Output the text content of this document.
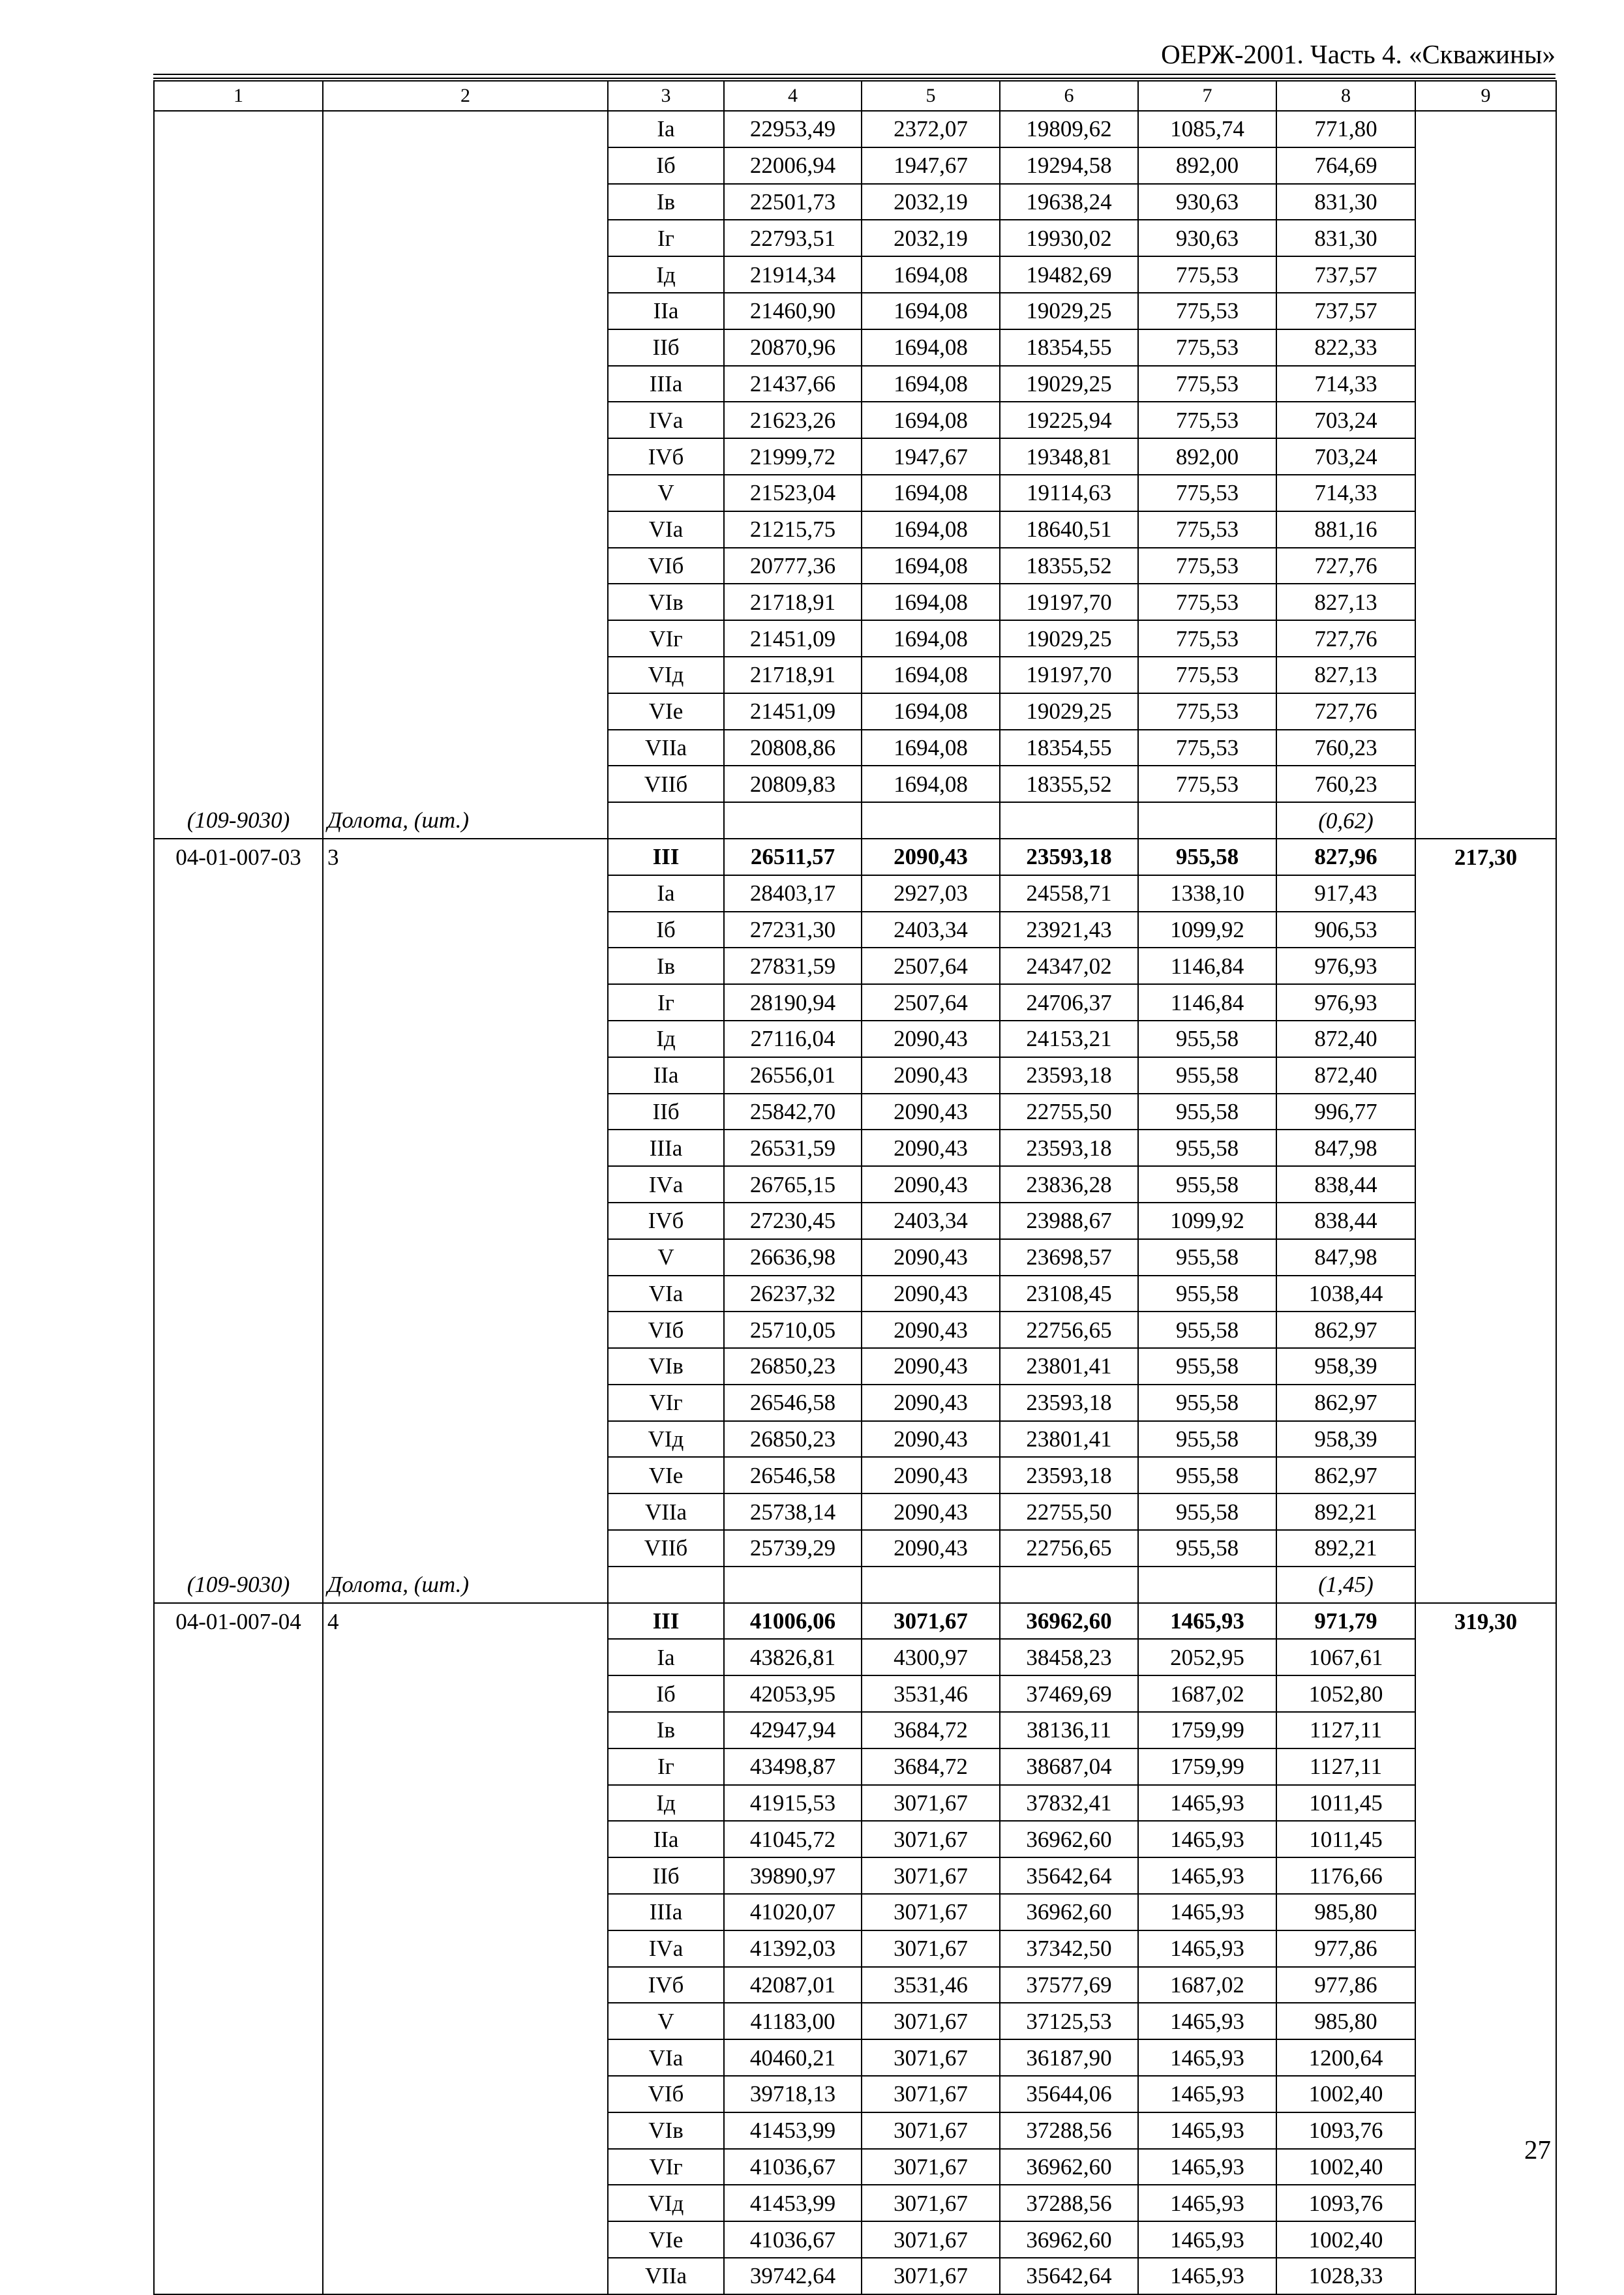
ОЕРЖ-2001. Часть 4. «Скважины»
1	2	3	4	5	6	7	8	9
		Iа	22953,49	2372,07	19809,62	1085,74	771,80	
		Iб	22006,94	1947,67	19294,58	892,00	764,69	
		Iв	22501,73	2032,19	19638,24	930,63	831,30	
		Iг	22793,51	2032,19	19930,02	930,63	831,30	
		Iд	21914,34	1694,08	19482,69	775,53	737,57	
		IIа	21460,90	1694,08	19029,25	775,53	737,57	
		IIб	20870,96	1694,08	18354,55	775,53	822,33	
		IIIа	21437,66	1694,08	19029,25	775,53	714,33	
		IVа	21623,26	1694,08	19225,94	775,53	703,24	
		IVб	21999,72	1947,67	19348,81	892,00	703,24	
		V	21523,04	1694,08	19114,63	775,53	714,33	
		VIа	21215,75	1694,08	18640,51	775,53	881,16	
		VIб	20777,36	1694,08	18355,52	775,53	727,76	
		VIв	21718,91	1694,08	19197,70	775,53	827,13	
		VIг	21451,09	1694,08	19029,25	775,53	727,76	
		VIд	21718,91	1694,08	19197,70	775,53	827,13	
		VIе	21451,09	1694,08	19029,25	775,53	727,76	
		VIIа	20808,86	1694,08	18354,55	775,53	760,23	
		VIIб	20809,83	1694,08	18355,52	775,53	760,23	
(109-9030)	Долота, (шт.)						(0,62)	
04-01-007-03	3	III	26511,57	2090,43	23593,18	955,58	827,96	217,30
		Iа	28403,17	2927,03	24558,71	1338,10	917,43	
		Iб	27231,30	2403,34	23921,43	1099,92	906,53	
		Iв	27831,59	2507,64	24347,02	1146,84	976,93	
		Iг	28190,94	2507,64	24706,37	1146,84	976,93	
		Iд	27116,04	2090,43	24153,21	955,58	872,40	
		IIа	26556,01	2090,43	23593,18	955,58	872,40	
		IIб	25842,70	2090,43	22755,50	955,58	996,77	
		IIIа	26531,59	2090,43	23593,18	955,58	847,98	
		IVа	26765,15	2090,43	23836,28	955,58	838,44	
		IVб	27230,45	2403,34	23988,67	1099,92	838,44	
		V	26636,98	2090,43	23698,57	955,58	847,98	
		VIа	26237,32	2090,43	23108,45	955,58	1038,44	
		VIб	25710,05	2090,43	22756,65	955,58	862,97	
		VIв	26850,23	2090,43	23801,41	955,58	958,39	
		VIг	26546,58	2090,43	23593,18	955,58	862,97	
		VIд	26850,23	2090,43	23801,41	955,58	958,39	
		VIе	26546,58	2090,43	23593,18	955,58	862,97	
		VIIа	25738,14	2090,43	22755,50	955,58	892,21	
		VIIб	25739,29	2090,43	22756,65	955,58	892,21	
(109-9030)	Долота, (шт.)						(1,45)	
04-01-007-04	4	III	41006,06	3071,67	36962,60	1465,93	971,79	319,30
		Iа	43826,81	4300,97	38458,23	2052,95	1067,61	
		Iб	42053,95	3531,46	37469,69	1687,02	1052,80	
		Iв	42947,94	3684,72	38136,11	1759,99	1127,11	
		Iг	43498,87	3684,72	38687,04	1759,99	1127,11	
		Iд	41915,53	3071,67	37832,41	1465,93	1011,45	
		IIа	41045,72	3071,67	36962,60	1465,93	1011,45	
		IIб	39890,97	3071,67	35642,64	1465,93	1176,66	
		IIIа	41020,07	3071,67	36962,60	1465,93	985,80	
		IVа	41392,03	3071,67	37342,50	1465,93	977,86	
		IVб	42087,01	3531,46	37577,69	1687,02	977,86	
		V	41183,00	3071,67	37125,53	1465,93	985,80	
		VIа	40460,21	3071,67	36187,90	1465,93	1200,64	
		VIб	39718,13	3071,67	35644,06	1465,93	1002,40	
		VIв	41453,99	3071,67	37288,56	1465,93	1093,76	
		VIг	41036,67	3071,67	36962,60	1465,93	1002,40	
		VIд	41453,99	3071,67	37288,56	1465,93	1093,76	
		VIе	41036,67	3071,67	36962,60	1465,93	1002,40	
		VIIа	39742,64	3071,67	35642,64	1465,93	1028,33	
27
